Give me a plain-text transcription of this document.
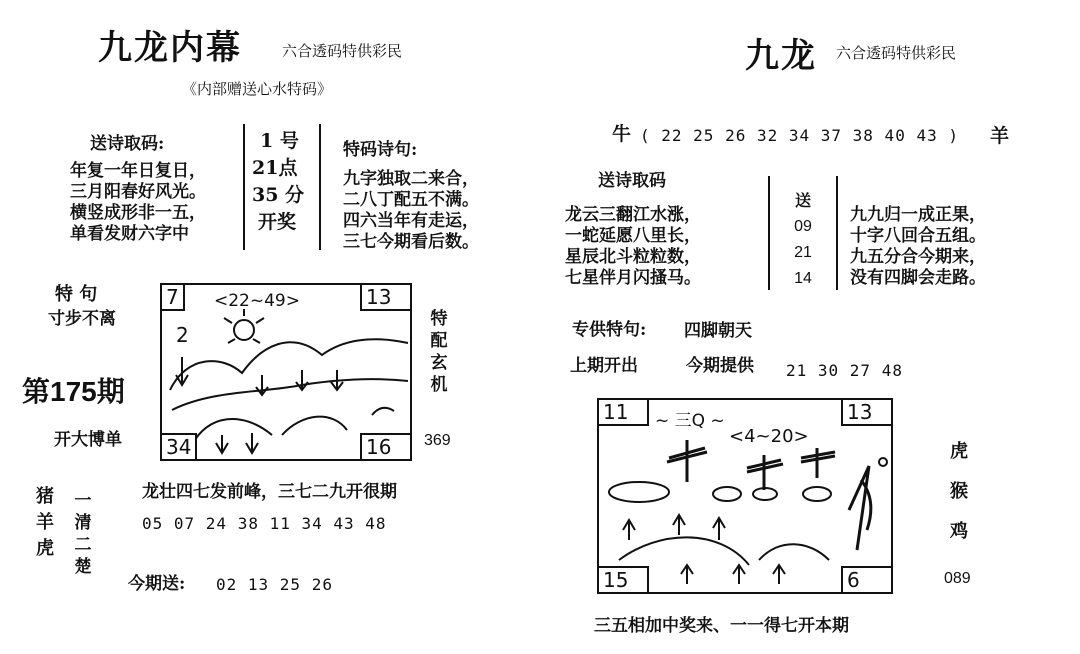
九龙内幕	六合透码特供彩民
《内部赠送心水特码》
送诗取码:
年复一年日复日，
三月阳春好风光。
横竖成形非一五，
单看发财六字中
1 号
21点
35 分
开奖
特码诗句:
九字独取二来合，
二八丁配五不满。
四六当年有走运，
三七今期看后数。
特 句
寸步不离
第175期
开大博单
7	<22~49>	13
2
34	16
特配玄机
369
猪
羊
虎
一清二楚
龙壮四七发前峰，三七二九开很期
05 07 24 38 11 34 43 48
今期送: 02 13 25 26
九龙 六合透码特供彩民
牛 ( 22 25 26 32 34 37 38 40 43 ) 羊
送诗取码
龙云三翻江水涨，
一蛇延愿八里长，
星辰北斗粒粒数，
七星伴月闪搔马。
送
09
21
14
九九归一成正果，
十字八回合五组。
九五分合今期来，
没有四脚会走路。
专供特句: 四脚朝天
上期开出	今期提供 21 30 27 48
11	~ 三Q ~
<4~20>
13
15	6
虎
猴
鸡
089
三五相加中奖来、一一得七开本期
